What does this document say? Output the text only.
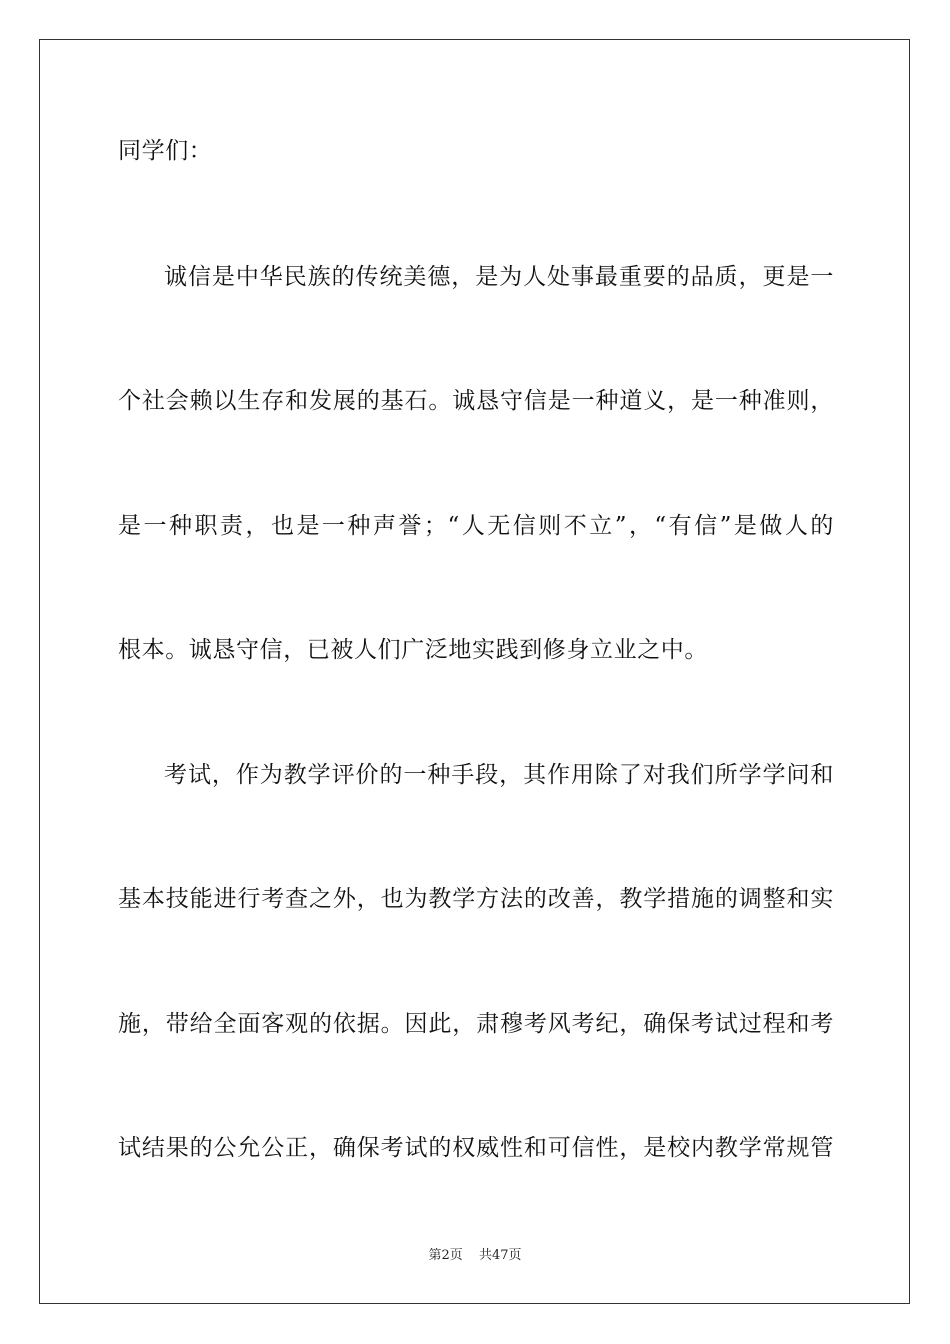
同学们：
诚信是中华民族的传统美德，是为人处事最重要的品质，更是一
个社会赖以生存和发展的基石。诚恳守信是一种道义，是一种准则，
是一种职责，也是一种声誉；“人无信则不立”，“有信”是做人的
根本。诚恳守信，已被人们广泛地实践到修身立业之中。
考试，作为教学评价的一种手段，其作用除了对我们所学学问和
基本技能进行考查之外，也为教学方法的改善，教学措施的调整和实
施，带给全面客观的依据。因此，肃穆考风考纪，确保考试过程和考
试结果的公允公正，确保考试的权威性和可信性，是校内教学常规管
第2页 共47页
